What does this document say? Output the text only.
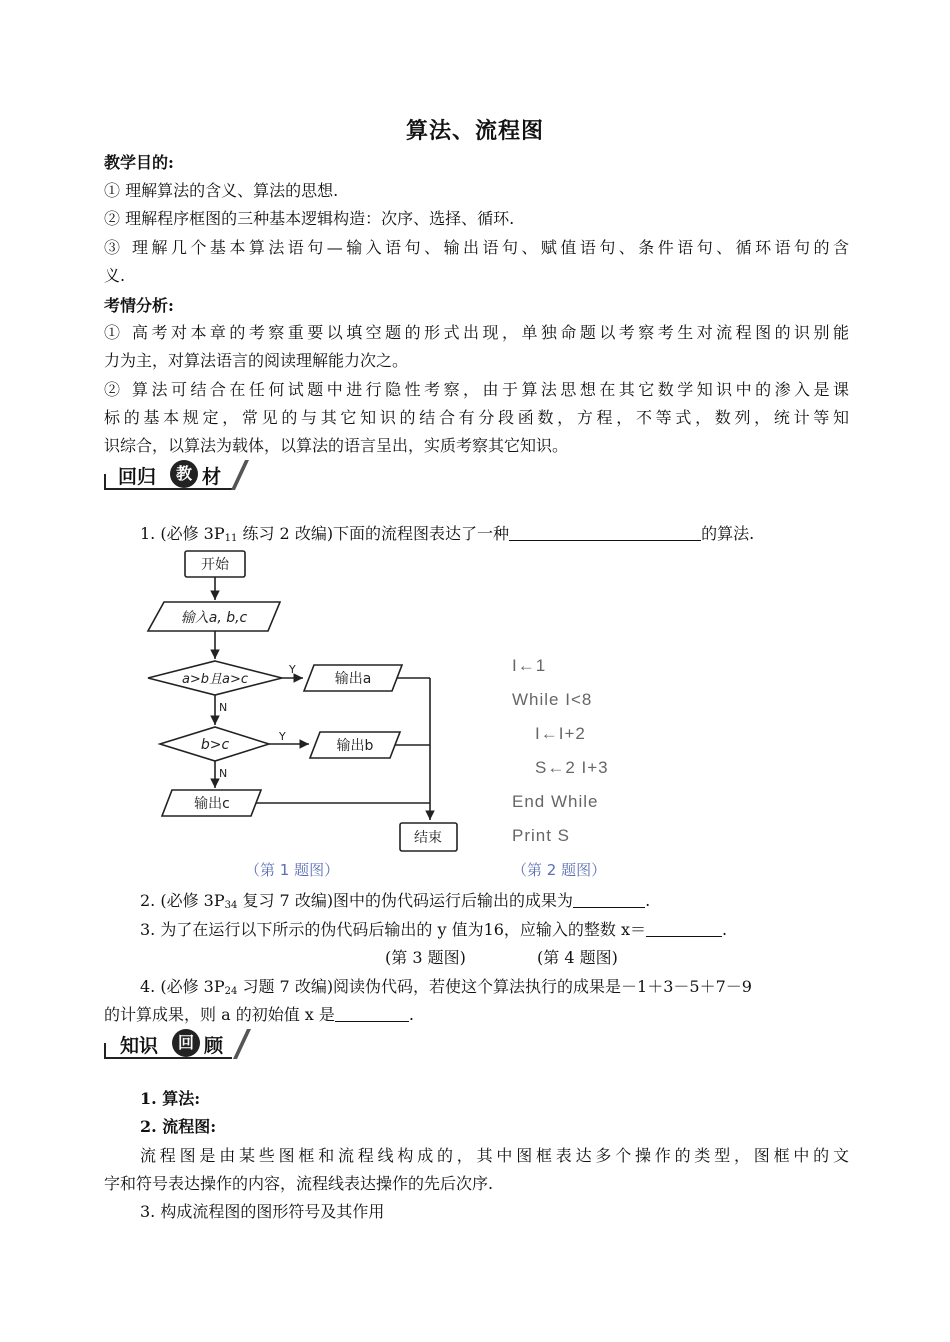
算法、流程图
教学目的:
① 理解算法的含义、算法的思想.
② 理解程序框图的三种基本逻辑构造：次序、选择、循环.
③ 理解几个基本算法语句—输入语句、输出语句、赋值语句、条件语句、循环语句的含
义.
考情分析:
① 高考对本章的考察重要以填空题的形式出现，单独命题以考察考生对流程图的识别能
力为主，对算法语言的阅读理解能力次之。
② 算法可结合在任何试题中进行隐性考察，由于算法思想在其它数学知识中的渗入是课
标的基本规定，常见的与其它知识的结合有分段函数，方程，不等式，数列，统计等知
识综合，以算法为载体，以算法的语言呈出，实质考察其它知识。
回归	教 材
1. (必修 $3P_{11}$ 练习 2 改编)下面的流程图表达了一种	的算法.
开始
输入a, b,c
a>b且a>c	输出a
b>c	输出b
输出c
结束
Y
N
Y
N
（第 1 题图）
I←1
While I<8
I←I+2
S←2 I+3
End While
Print S
（第 2 题图）
2. (必修 $3P_{34}$ 复习 7 改编)图中的伪代码运行后输出的成果为	.
3. 为了在运行以下所示的伪代码后输出的 y 值为16，应输入的整数 x＝	.
(第 3 题图)	(第 4 题图)
4. (必修 $3P_{24}$ 习题 7 改编)阅读伪代码，若使这个算法执行的成果是－1＋3－5＋7－9
的计算成果，则 a 的初始值 x 是	.
知识	回 顾
1. 算法:
2. 流程图:
流程图是由某些图框和流程线构成的，其中图框表达多个操作的类型，图框中的文
字和符号表达操作的内容，流程线表达操作的先后次序.
3. 构成流程图的图形符号及其作用
